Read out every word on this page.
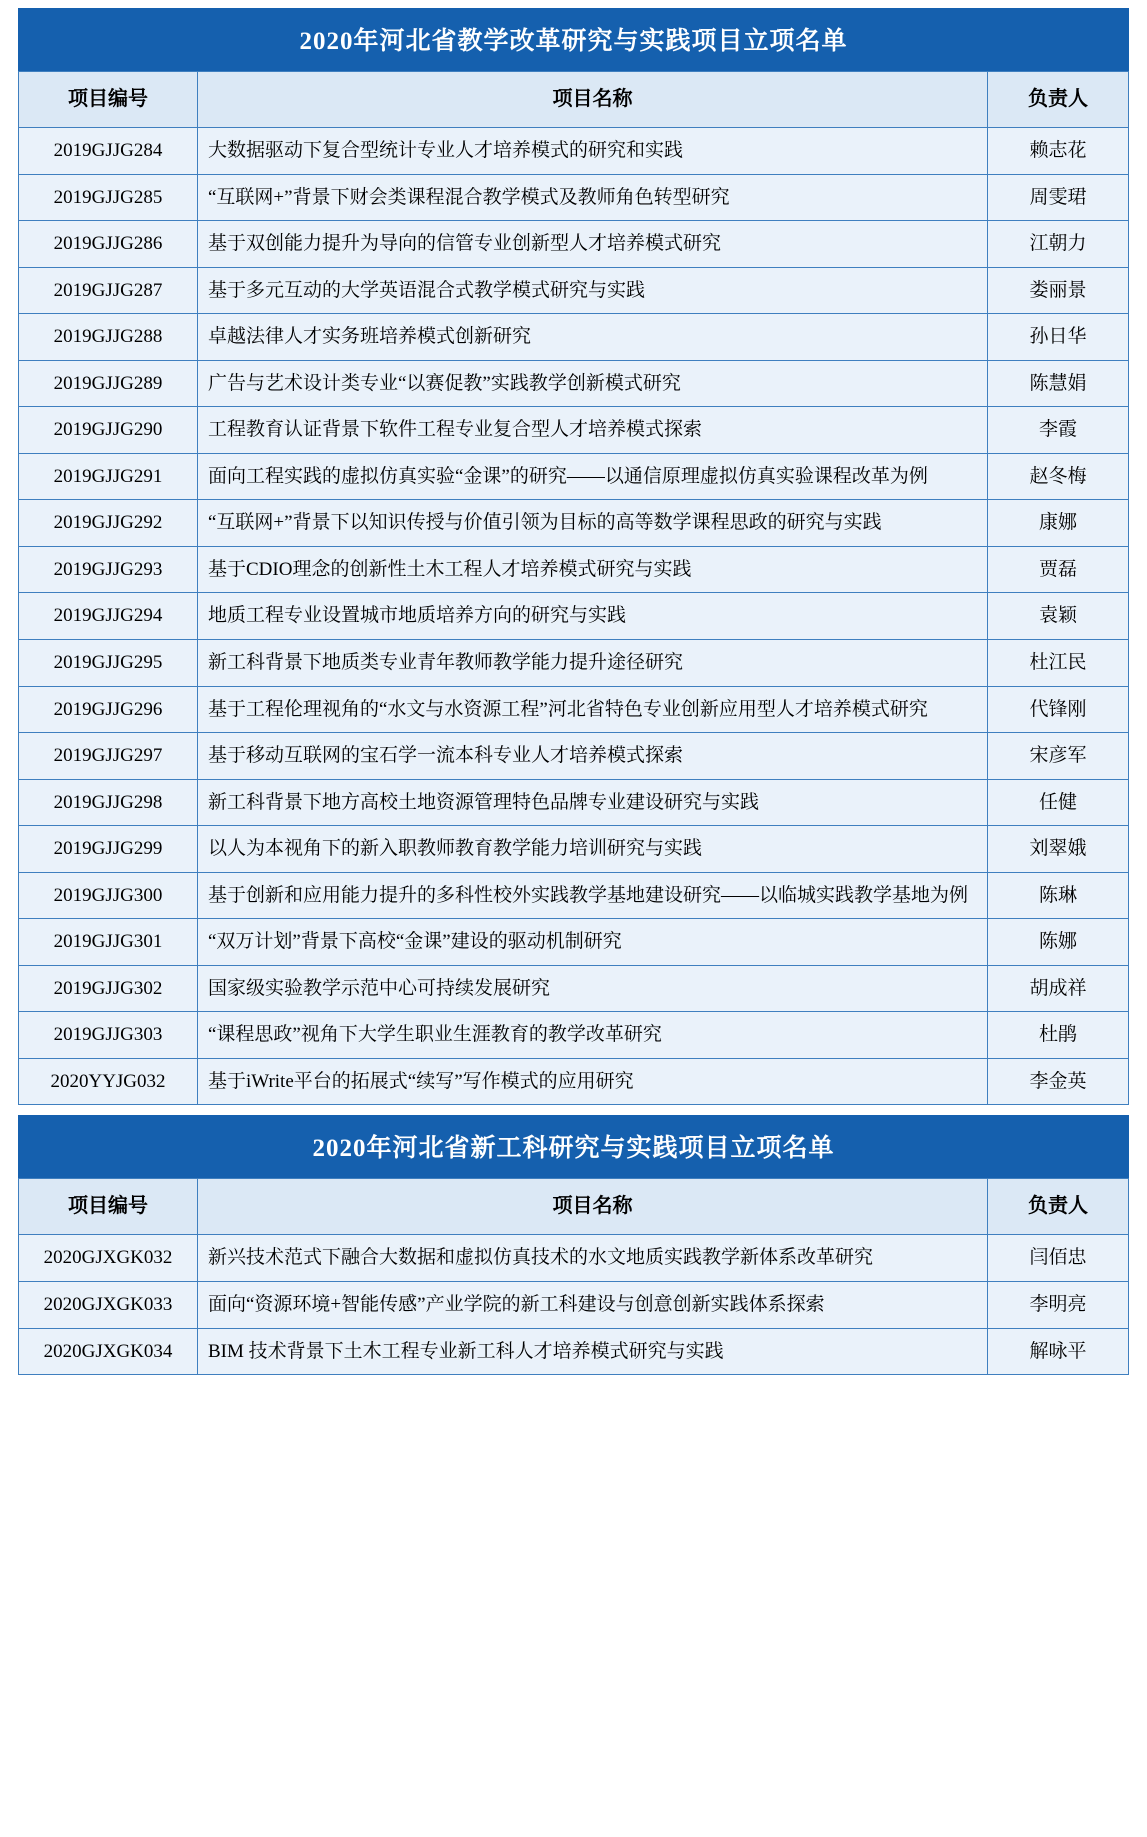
2020年河北省教学改革研究与实践项目立项名单
项目编号	项目名称	负责人
2019GJJG284	大数据驱动下复合型统计专业人才培养模式的研究和实践	赖志花
2019GJJG285	“互联网+”背景下财会类课程混合教学模式及教师角色转型研究	周雯珺
2019GJJG286	基于双创能力提升为导向的信管专业创新型人才培养模式研究	江朝力
2019GJJG287	基于多元互动的大学英语混合式教学模式研究与实践	娄丽景
2019GJJG288	卓越法律人才实务班培养模式创新研究	孙日华
2019GJJG289	广告与艺术设计类专业“以赛促教”实践教学创新模式研究	陈慧娟
2019GJJG290	工程教育认证背景下软件工程专业复合型人才培养模式探索	李霞
2019GJJG291	面向工程实践的虚拟仿真实验“金课”的研究——以通信原理虚拟仿真实验课程改革为例	赵冬梅
2019GJJG292	“互联网+”背景下以知识传授与价值引领为目标的高等数学课程思政的研究与实践	康娜
2019GJJG293	基于CDIO理念的创新性土木工程人才培养模式研究与实践	贾磊
2019GJJG294	地质工程专业设置城市地质培养方向的研究与实践	袁颖
2019GJJG295	新工科背景下地质类专业青年教师教学能力提升途径研究	杜江民
2019GJJG296	基于工程伦理视角的“水文与水资源工程”河北省特色专业创新应用型人才培养模式研究	代锋刚
2019GJJG297	基于移动互联网的宝石学一流本科专业人才培养模式探索	宋彦军
2019GJJG298	新工科背景下地方高校土地资源管理特色品牌专业建设研究与实践	任健
2019GJJG299	以人为本视角下的新入职教师教育教学能力培训研究与实践	刘翠娥
2019GJJG300	基于创新和应用能力提升的多科性校外实践教学基地建设研究——以临城实践教学基地为例	陈琳
2019GJJG301	“双万计划”背景下高校“金课”建设的驱动机制研究	陈娜
2019GJJG302	国家级实验教学示范中心可持续发展研究	胡成祥
2019GJJG303	“课程思政”视角下大学生职业生涯教育的教学改革研究	杜鹃
2020YYJG032	基于iWrite平台的拓展式“续写”写作模式的应用研究	李金英
2020年河北省新工科研究与实践项目立项名单
项目编号	项目名称	负责人
2020GJXGK032	新兴技术范式下融合大数据和虚拟仿真技术的水文地质实践教学新体系改革研究	闫佰忠
2020GJXGK033	面向“资源环境+智能传感”产业学院的新工科建设与创意创新实践体系探索	李明亮
2020GJXGK034	BIM 技术背景下土木工程专业新工科人才培养模式研究与实践	解咏平
